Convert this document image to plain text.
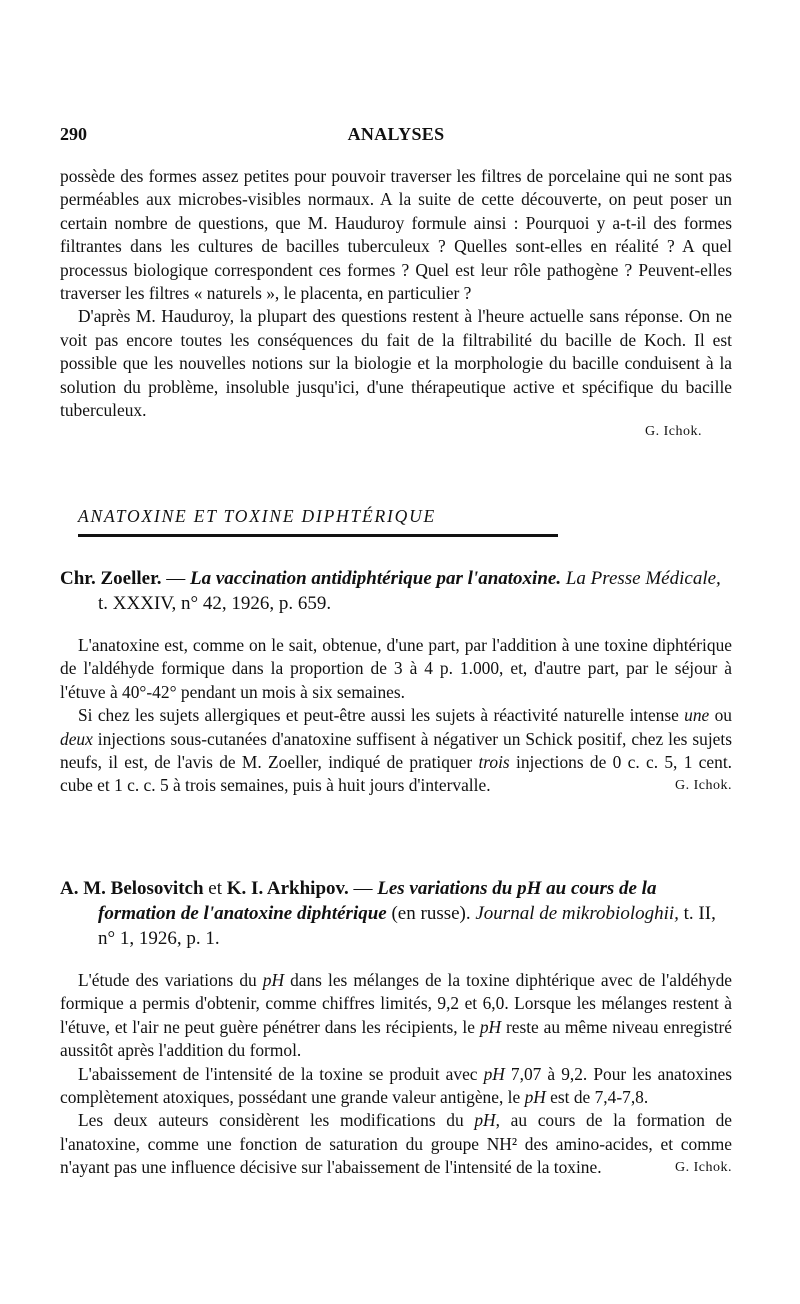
290	ANALYSES

possède des formes assez petites pour pouvoir traverser les filtres de porcelaine qui ne sont pas perméables aux microbes-visibles normaux. A la suite de cette découverte, on peut poser un certain nombre de questions, que M. Hauduroy formule ainsi : Pourquoi y a-t-il des formes filtrantes dans les cultures de bacilles tuberculeux ? Quelles sont-elles en réalité ? A quel processus biologique correspondent ces formes ? Quel est leur rôle pathogène ? Peuvent-elles traverser les filtres « naturels », le placenta, en particulier ?

D'après M. Hauduroy, la plupart des questions restent à l'heure actuelle sans réponse. On ne voit pas encore toutes les conséquences du fait de la filtrabilité du bacille de Koch. Il est possible que les nouvelles notions sur la biologie et la morphologie du bacille conduisent à la solution du problème, insoluble jusqu'ici, d'une thérapeutique active et spécifique du bacille tuberculeux.

G. Ichok.
ANATOXINE ET TOXINE DIPHTÉRIQUE

Chr. Zoeller. — La vaccination antidiphtérique par l'anatoxine. La Presse Médicale, t. XXXIV, n° 42, 1926, p. 659.

L'anatoxine est, comme on le sait, obtenue, d'une part, par l'addition à une toxine diphtérique de l'aldéhyde formique dans la proportion de 3 à 4 p. 1.000, et, d'autre part, par le séjour à l'étuve à 40°-42° pendant un mois à six semaines.

Si chez les sujets allergiques et peut-être aussi les sujets à réactivité naturelle intense une ou deux injections sous-cutanées d'anatoxine suffisent à négativer un Schick positif, chez les sujets neufs, il est, de l'avis de M. Zoeller, indiqué de pratiquer trois injections de 0 c. c. 5, 1 cent. cube et 1 c. c. 5 à trois semaines, puis à huit jours d'intervalle.	G. Ichok.

A. M. Belosovitch et K. I. Arkhipov. — Les variations du pH au cours de la formation de l'anatoxine diphtérique (en russe). Journal de mikrobiologhii, t. II, n° 1, 1926, p. 1.

L'étude des variations du pH dans les mélanges de la toxine diphtérique avec de l'aldéhyde formique a permis d'obtenir, comme chiffres limités, 9,2 et 6,0. Lorsque les mélanges restent à l'étuve, et l'air ne peut guère pénétrer dans les récipients, le pH reste au même niveau enregistré aussitôt après l'addition du formol.

L'abaissement de l'intensité de la toxine se produit avec pH 7,07 à 9,2. Pour les anatoxines complètement atoxiques, possédant une grande valeur antigène, le pH est de 7,4-7,8.

Les deux auteurs considèrent les modifications du pH, au cours de la formation de l'anatoxine, comme une fonction de saturation du groupe NH² des amino-acides, et comme n'ayant pas une influence décisive sur l'abaissement de l'intensité de la toxine.	G. Ichok.
